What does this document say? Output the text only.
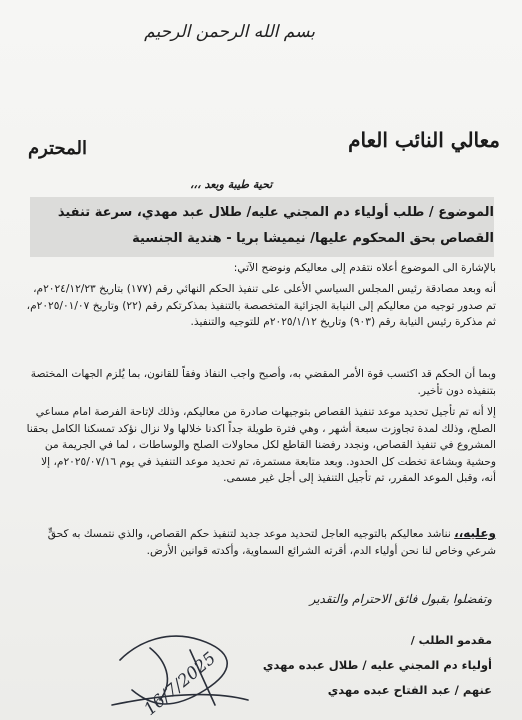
بسم الله الرحمن الرحيم
معالي النائب العام
المحترم
تحية طيبة وبعد ،،،
الموضوع / طلب أولياء دم المجني عليه/ طلال عبد مهدي، سرعة تنفيذ القصاص بحق المحكوم عليها/ نيميشا بريا - هندية الجنسية
بالإشارة الى الموضوع أعلاه نتقدم إلى معاليكم ونوضح الآتي:
أنه وبعد مصادقة رئيس المجلس السياسي الأعلى على تنفيذ الحكم النهائي رقم (١٧٧) بتاريخ ٢٠٢٤/١٢/٢٣م، تم صدور توجيه من معاليكم إلى النيابة الجزائية المتخصصة بالتنفيذ بمذكرتكم رقم (٢٢) وتاريخ ٢٠٢٥/٠١/٠٧م، ثم مذكرة رئيس النيابة رقم (٩٠٣) وتاريخ ٢٠٢٥/١/١٢م للتوجيه والتنفيذ.
وبما أن الحكم قد اكتسب قوة الأمر المقضي به، وأصبح واجب النفاذ وفقاً للقانون، بما يُلزم الجهات المختصة بتنفيذه دون تأخير.
إلا أنه تم تأجيل تحديد موعد تنفيذ القصاص بتوجيهات صادرة من معاليكم، وذلك لإتاحة الفرصة امام مساعي الصلح، وذلك لمدة تجاوزت سبعة أشهر ، وهي فترة طويلة جداً اكدنا خلالها ولا نزال نؤكد تمسكنا الكامل بحقنا المشروع في تنفيذ القصاص، ونجدد رفضنا القاطع لكل محاولات الصلح والوساطات ، لما في الجريمة من وحشية وبشاعة تخطت كل الحدود. وبعد متابعة مستمرة، تم تحديد موعد التنفيذ في يوم ٢٠٢٥/٠٧/١٦م، إلا أنه، وقبل الموعد المقرر، تم تأجيل التنفيذ إلى أجل غير مسمى.
وعليه،، نناشد معاليكم بالتوجيه العاجل لتحديد موعد جديد لتنفيذ حكم القصاص، والذي نتمسك به كحقٍّ شرعي وخاص لنا نحن أولياء الدم، أقرته الشرائع السماوية، وأكدته قوانين الأرض.
وتفضلوا بقبول فائق الاحترام والتقدير
مقدمو الطلب /
أولياء دم المجني عليه / طلال عبده مهدي
عنهم / عبد الفتاح عبده مهدي
16/7/2025
